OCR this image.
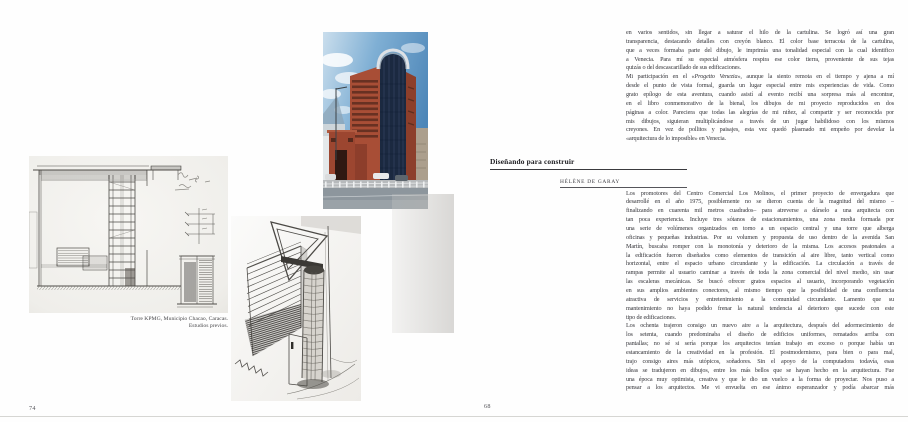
Torre KPMG, Municipio Chacao, Caracas.
Estudios previos.
74
en varios sentidos, sin llegar a saturar el hilo de la cartulina. Se logró así una gran
transparencia, destacando detalles con creyón blanco. El color base terracota de la cartulina,
que a veces formaba parte del dibujo, le imprimía una tonalidad especial con la cual identifico
a Venecia. Para mí su especial atmósfera respira ese color tierra, proveniente de sus tejas
quizás o del descascarillado de sus edificaciones.
Mi participación en el «Progetto Venezia», aunque la siento remota en el tiempo y ajena a mí
desde el punto de vista formal, guarda un lugar especial entre mis experiencias de vida. Como
grato epílogo de esta aventura, cuando asistí al evento recibí una sorpresa más al encontrar,
en el libro conmemorativo de la bienal, los dibujos de mi proyecto reproducidos en dos
páginas a color. Pareciera que todas las alegrías de mi niñez, al compartir y ser reconocida por
mis dibujos, siguieran multiplicándose a través de un jugar habilidoso con los mismos
creyones. En vez de pollitos y paisajes, esta vez quedó plasmado mi empeño por develar la
«arquitectura de lo imposible» en Venecia.
Diseñando para construir
HÉLÈNE DE GARAY
Los promotores del Centro Comercial Los Molinos, el primer proyecto de envergadura que
desarrollé en el año 1975, posiblemente no se dieron cuenta de la magnitud del mismo –
finalizando en cuarenta mil metros cuadrados– para atreverse a dárselo a una arquitecta con
tan poca experiencia. Incluye tres sótanos de estacionamientos, una zona media formada por
una serie de volúmenes organizados en torno a un espacio central y una torre que alberga
oficinas y pequeñas industrias. Por su volumen y propuesta de uso dentro de la avenida San
Martín, buscaba romper con la monotonía y deterioro de la misma. Los accesos peatonales a
la edificación fueron diseñados como elementos de transición al aire libre, tanto vertical como
horizontal, entre el espacio urbano circundante y la edificación. La circulación a través de
rampas permite al usuario caminar a través de toda la zona comercial del nivel medio, sin usar
las escaleras mecánicas. Se buscó ofrecer gratos espacios al usuario, incorporando vegetación
en sus amplios ambientes conectores, al mismo tiempo que la posibilidad de una confluencia
atractiva de servicios y entretenimiento a la comunidad circundante. Lamento que su
mantenimiento no haya podido frenar la natural tendencia al deterioro que sucede con este
tipo de edificaciones.
Los ochenta trajeron consigo un nuevo aire a la arquitectura, después del adormecimiento de
los setenta, cuando predominaba el diseño de edificios uniformes, rematados arriba con
pantallas; no sé si sería porque los arquitectos tenían trabajo en exceso o porque había un
estancamiento de la creatividad en la profesión. El postmodernismo, para bien o para mal,
trajo consigo aires más utópicos, soñadores. Sin el apoyo de la computadora todavía, esas
ideas se tradujeron en dibujos, entre los más bellos que se hayan hecho en la arquitectura. Fue
una época muy optimista, creativa y que le dio un vuelco a la forma de proyectar. Nos puso a
pensar a los arquitectos. Me vi envuelta en ese ánimo esperanzador y podía abarcar más
68
